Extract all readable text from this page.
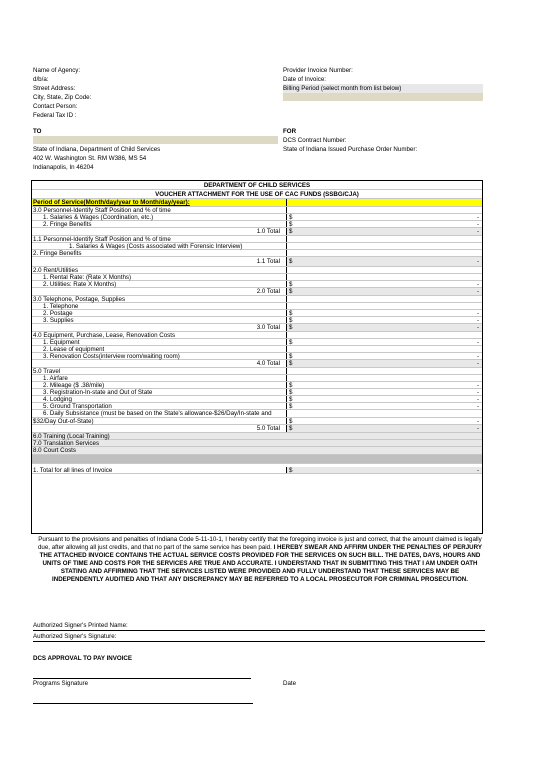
Name of Agency:
d/b/a:
Street Address:
City, State, Zip Code:
Contact Person:
Federal Tax ID :
Provider Invoice Number:
Date of Invoice:
Billing Period (select month from list below)
TO	FOR
DCS Contract Number:
State of Indiana, Department of Child Services	State of Indiana Issued Purchase Order Number:
402 W. Washington St. RM W386, MS 54
Indianapolis, In 46204
DEPARTMENT OF CHILD SERVICES
VOUCHER ATTACHMENT FOR THE USE OF CAC FUNDS (SSBG/CJA)
Period of Service(Month/day/year to Month/day/year):
3.0 Personnel-Identify Staff Position and % of time
1. Salaries & Wages (Coordination, etc.)	$	-
2. Fringe Benefits	$	-
1.0 Total $	-
1.1 Personnel-Identify Staff Position and % of time
1. Salaries & Wages (Costs associated with Forensic Interview)
2. Fringe Benefits
1.1 Total $	-
2.0 Rent/Utilities
1. Rental Rate: (Rate X Months)
2. Utilities: Rate X Months)	$	-
2.0 Total $	-
3.0 Telephone, Postage, Supplies
1. Telephone
2. Postage	$	-
3. Supplies	$	-
3.0 Total $	-
4.0 Equipment, Purchase, Lease, Renovation Costs
1. Equipment	$	-
2. Lease of equipment
3. Renovation Costs(interview room/waiting room)	$	-
4.0 Total $	-
5.0 Travel
1. Airfare
2. Mileage ($ .38/mile)	$	-
3. Registration-In-state and Out of State	$	-
4. Lodging	$	-
5. Ground Transportation	$	-
6. Daily Subsistance (must be based on the State's allowance-$26/Day/In-state and
$32/Day Out-of-State)	$	-
5.0 Total $	-
6.0 Training (Local Training)
7.0 Translation Services
8.0 Court Costs
1. Total for all lines of Invoice	$	-
Pursuant to the provisions and penalties of Indiana Code 5-11-10-1, I hereby certify that the foregoing invoice is just and correct, that the amount claimed is legally due, after allowing all just credits, and that no part of the same service has been paid. I HEREBY SWEAR AND AFFIRM UNDER THE PENALTIES OF PERJURY THE ATTACHED INVOICE CONTAINS THE ACTUAL SERVICE COSTS PROVIDED FOR THE SERVICES ON SUCH BILL. THE DATES, DAYS, HOURS AND UNITS OF TIME AND COSTS FOR THE SERVICES ARE TRUE AND ACCURATE. I UNDERSTAND THAT IN SUBMITTING THIS THAT I AM UNDER OATH STATING AND AFFIRMING THAT THE SERVICES LISTED WERE PROVIDED AND FULLY UNDERSTAND THAT THESE SERVICES MAY BE INDEPENDENTLY AUDITIED AND THAT ANY DISCREPANCY MAY BE REFERRED TO A LOCAL PROSECUTOR FOR CRIMINAL PROSECUTION.
Authorized Signer's Printed Name:
Authorized Signer's Signature:
DCS APPROVAL TO PAY INVOICE
Programs Signature	Date
